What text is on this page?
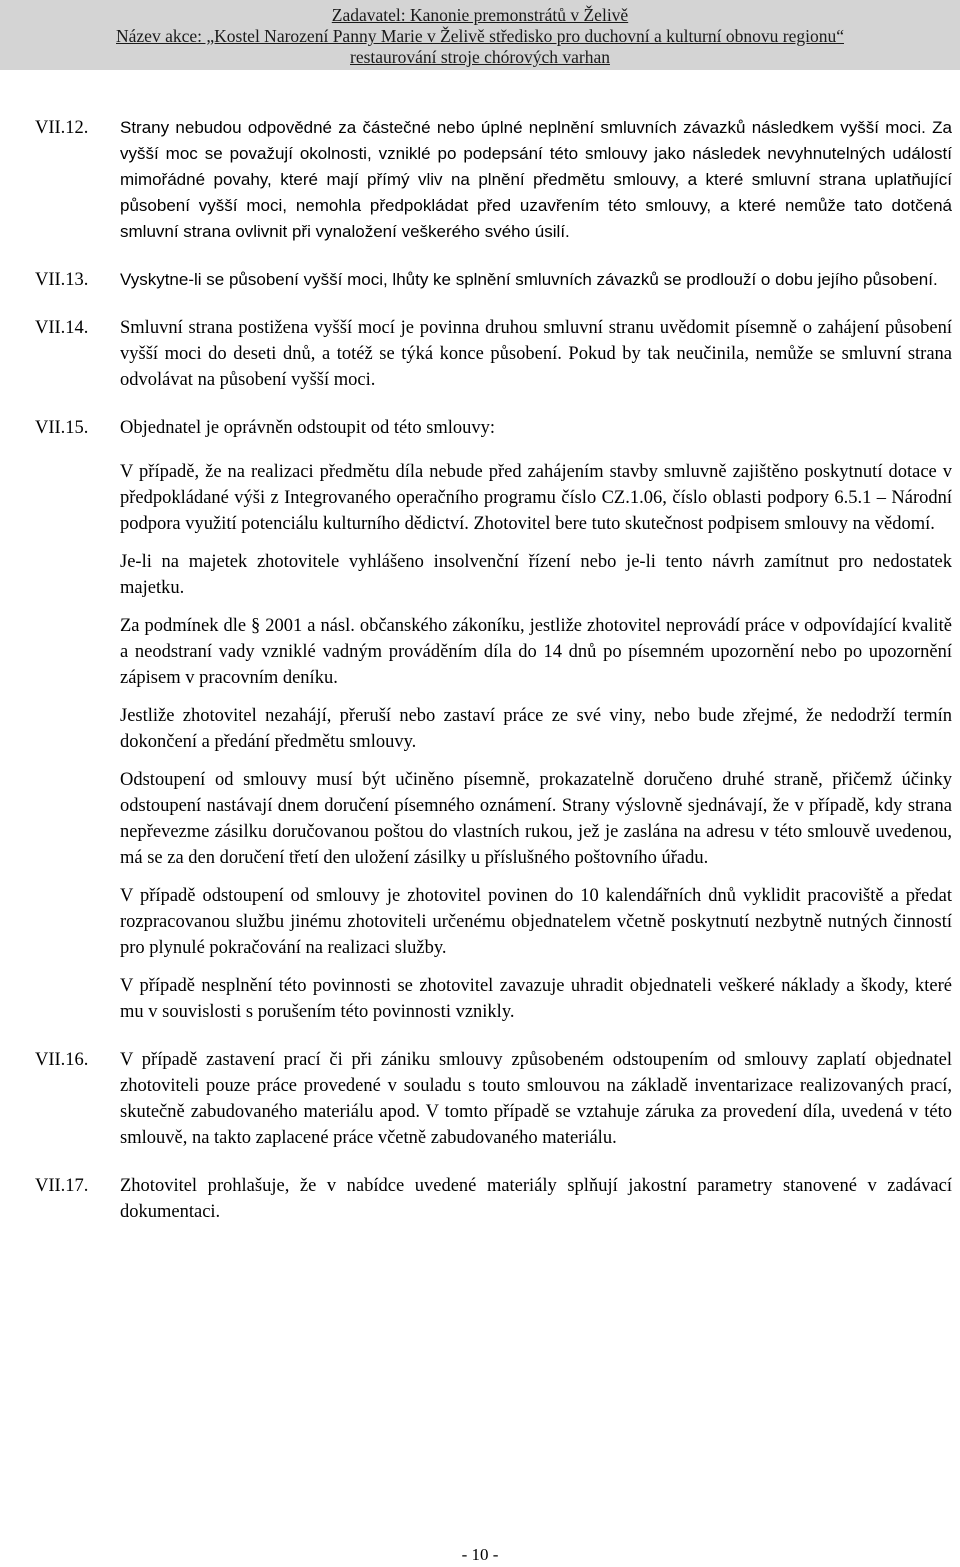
Zadavatel: Kanonie premonstrátů v Želivě
Název akce: „Kostel Narození Panny Marie v Želivě středisko pro duchovní a kulturní obnovu regionu“
restaurování stroje chórových varhan
VII.12.	Strany nebudou odpovědné za částečné nebo úplné neplnění smluvních závazků následkem vyšší moci. Za vyšší moc se považují okolnosti, vzniklé po podepsání této smlouvy jako následek nevyhnutelných událostí mimořádné povahy, které mají přímý vliv na plnění předmětu smlouvy, a které smluvní strana uplatňující působení vyšší moci, nemohla předpokládat před uzavřením této smlouvy, a které nemůže tato dotčená smluvní strana ovlivnit při vynaložení veškerého svého úsilí.

VII.13.	Vyskytne-li se působení vyšší moci, lhůty ke splnění smluvních závazků se prodlouží o dobu jejího působení.

VII.14.	Smluvní strana postižena vyšší mocí je povinna druhou smluvní stranu uvědomit písemně o zahájení působení vyšší moci do deseti dnů, a totéž se týká konce působení. Pokud by tak neučinila, nemůže se smluvní strana odvolávat na působení vyšší moci.

VII.15.	Objednatel je oprávněn odstoupit od této smlouvy:

V případě, že na realizaci předmětu díla nebude před zahájením stavby smluvně zajištěno poskytnutí dotace v předpokládané výši z Integrovaného operačního programu číslo CZ.1.06, číslo oblasti podpory 6.5.1 – Národní podpora využití potenciálu kulturního dědictví. Zhotovitel bere tuto skutečnost podpisem smlouvy na vědomí.

Je-li na majetek zhotovitele vyhlášeno insolvenční řízení nebo je-li tento návrh zamítnut pro nedostatek majetku.

Za podmínek dle § 2001 a násl. občanského zákoníku, jestliže zhotovitel neprovádí práce v odpovídající kvalitě a neodstraní vady vzniklé vadným prováděním díla do 14 dnů po písemném upozornění nebo po upozornění zápisem v pracovním deníku.

Jestliže zhotovitel nezahájí, přeruší nebo zastaví práce ze své viny, nebo bude zřejmé, že nedodrží termín dokončení a předání předmětu smlouvy.

Odstoupení od smlouvy musí být učiněno písemně, prokazatelně doručeno druhé straně, přičemž účinky odstoupení nastávají dnem doručení písemného oznámení. Strany výslovně sjednávají, že v případě, kdy strana nepřevezme zásilku doručovanou poštou do vlastních rukou, jež je zaslána na adresu v této smlouvě uvedenou, má se za den doručení třetí den uložení zásilky u příslušného poštovního úřadu.

V případě odstoupení od smlouvy je zhotovitel povinen do 10 kalendářních dnů vyklidit pracoviště a předat rozpracovanou službu jinému zhotoviteli určenému objednatelem včetně poskytnutí nezbytně nutných činností pro plynulé pokračování na realizaci služby.

V případě nesplnění této povinnosti se zhotovitel zavazuje uhradit objednateli veškeré náklady a škody, které mu v souvislosti s porušením této povinnosti vznikly.

VII.16.	V případě zastavení prací či při zániku smlouvy způsobeném odstoupením od smlouvy zaplatí objednatel zhotoviteli pouze práce provedené v souladu s touto smlouvou na základě inventarizace realizovaných prací, skutečně zabudovaného materiálu apod. V tomto případě se vztahuje záruka za provedení díla, uvedená v této smlouvě, na takto zaplacené práce včetně zabudovaného materiálu.

VII.17.	Zhotovitel prohlašuje, že v nabídce uvedené materiály splňují jakostní parametry stanovené v zadávací dokumentaci.

- 10 -
